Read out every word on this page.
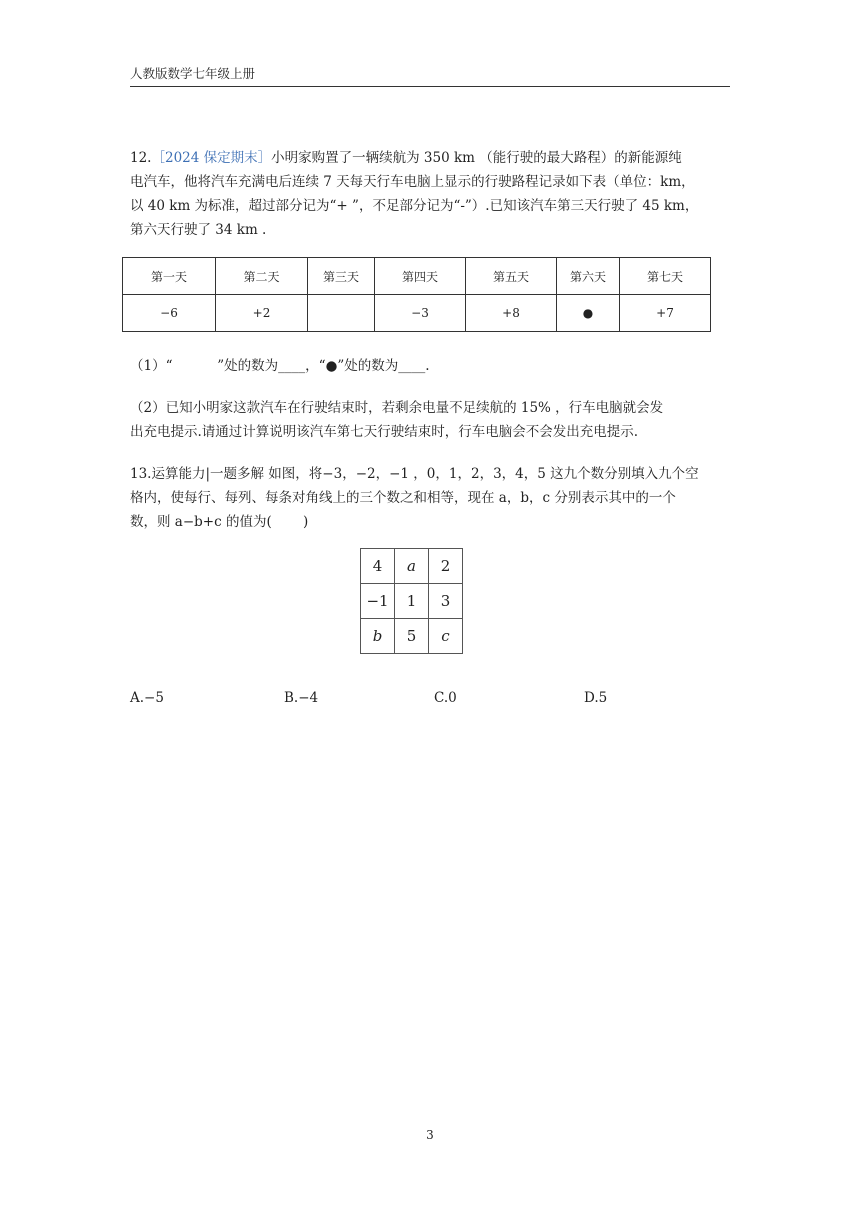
人教版数学七年级上册

12.［2024 保定期末］小明家购置了一辆续航为 350 km （能行驶的最大路程）的新能源纯

电汽车，他将汽车充满电后连续 7 天每天行车电脑上显示的行驶路程记录如下表（单位：km，

以 40 km 为标准，超过部分记为“+ ”，不足部分记为“-”）.已知该汽车第三天行驶了 45 km，

第六天行驶了 34 km .

第一天	第二天	第三天	第四天	第五天	第六天	第七天
−6	+2		−3	+8	●	+7

（1）“　　　 ”处的数为____，“●”处的数为____.

（2）已知小明家这款汽车在行驶结束时，若剩余电量不足续航的 15% ，行车电脑就会发

出充电提示.请通过计算说明该汽车第七天行驶结束时，行车电脑会不会发出充电提示.

13.运算能力|一题多解 如图，将−3，−2，−1 ，0，1，2，3，4，5 这九个数分别填入九个空

格内，使每行、每列、每条对角线上的三个数之和相等，现在 a，b，c 分别表示其中的一个

数，则 a−b+c 的值为(　　 )

4	a	2
−1	1	3
b	5	c
A.−5	B.−4	C.0	D.5
3
